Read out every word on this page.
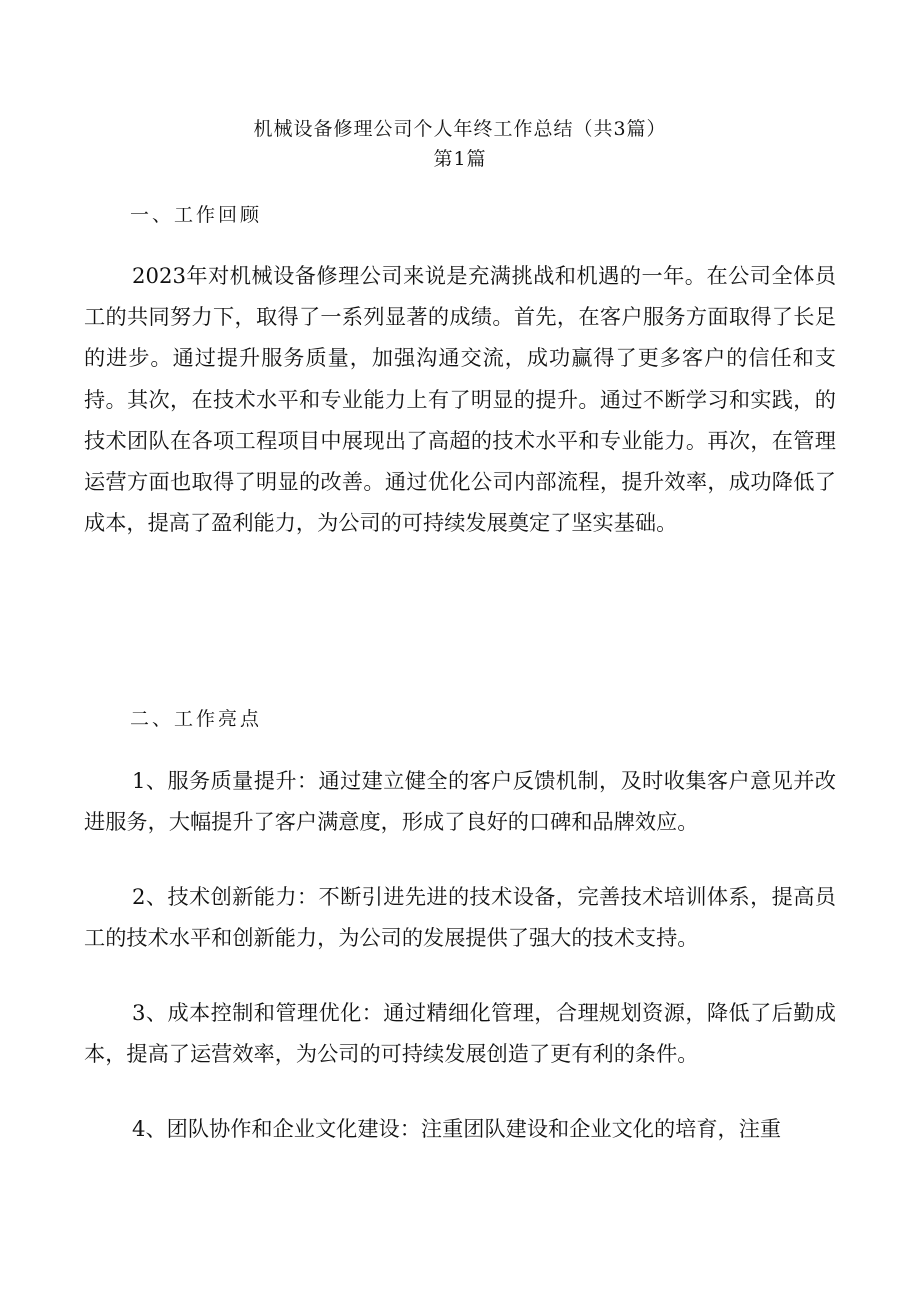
机械设备修理公司个人年终工作总结（共3篇）
第1篇
一、工作回顾

2023年对机械设备修理公司来说是充满挑战和机遇的一年。在公司全体员工的共同努力下，取得了一系列显著的成绩。首先，在客户服务方面取得了长足的进步。通过提升服务质量，加强沟通交流，成功赢得了更多客户的信任和支持。其次，在技术水平和专业能力上有了明显的提升。通过不断学习和实践，的技术团队在各项工程项目中展现出了高超的技术水平和专业能力。再次，在管理运营方面也取得了明显的改善。通过优化公司内部流程，提升效率，成功降低了成本，提高了盈利能力，为公司的可持续发展奠定了坚实基础。

二、工作亮点

1、服务质量提升：通过建立健全的客户反馈机制，及时收集客户意见并改进服务，大幅提升了客户满意度，形成了良好的口碑和品牌效应。

2、技术创新能力：不断引进先进的技术设备，完善技术培训体系，提高员工的技术水平和创新能力，为公司的发展提供了强大的技术支持。

3、成本控制和管理优化：通过精细化管理，合理规划资源，降低了后勤成本，提高了运营效率，为公司的可持续发展创造了更有利的条件。

4、团队协作和企业文化建设：注重团队建设和企业文化的培育，注重
